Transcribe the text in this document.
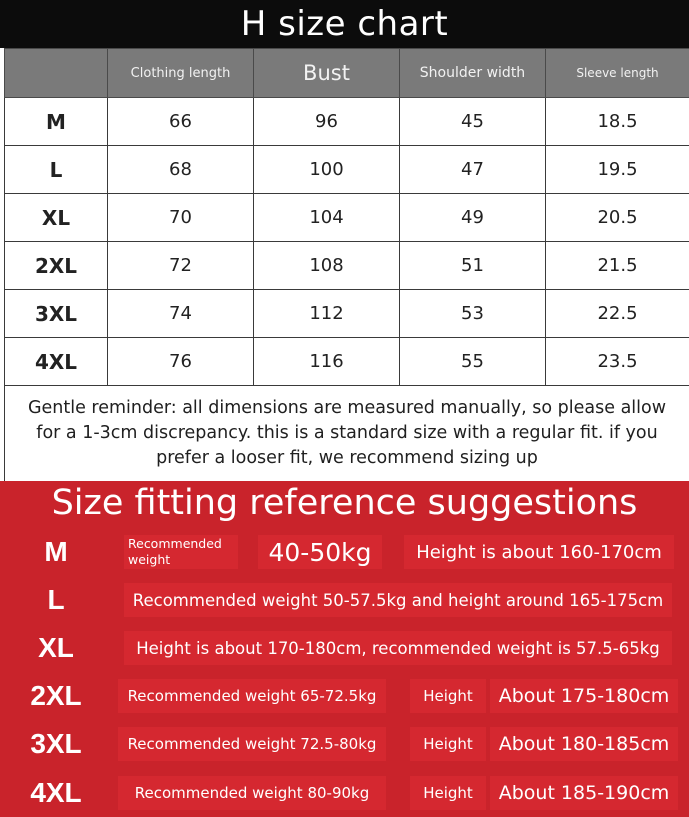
H size chart
	Clothing length	Bust	Shoulder width	Sleeve length
M	66	96	45	18.5
L	68	100	47	19.5
XL	70	104	49	20.5
2XL	72	108	51	21.5
3XL	74	112	53	22.5
4XL	76	116	55	23.5
Gentle reminder: all dimensions are measured manually, so please allow for a 1-3cm discrepancy. this is a standard size with a regular fit. if you prefer a looser fit, we recommend sizing up
Size fitting reference suggestions
M	Recommended weight	40-50kg	Height is about 160-170cm
L	Recommended weight 50-57.5kg and height around 165-175cm
XL	Height is about 170-180cm, recommended weight is 57.5-65kg
2XL	Recommended weight 65-72.5kg	Height	About 175-180cm
3XL	Recommended weight 72.5-80kg	Height	About 180-185cm
4XL	Recommended weight 80-90kg	Height	About 185-190cm
